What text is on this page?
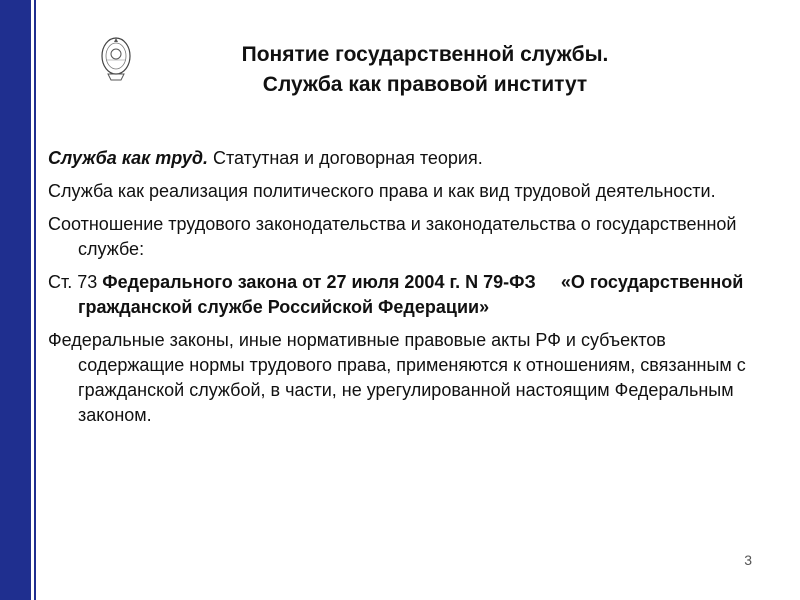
Понятие государственной службы.
Служба как правовой институт

Служба как труд. Статутная и договорная теория.

Служба как реализация политического права и как вид трудовой деятельности.

Соотношение трудового законодательства и законодательства о государственной службе:

Ст. 73 Федерального закона от 27 июля 2004 г. N 79-ФЗ «О государственной гражданской службе Российской Федерации»

Федеральные законы, иные нормативные правовые акты РФ и субъектов содержащие нормы трудового права, применяются к отношениям, связанным с гражданской службой, в части, не урегулированной настоящим Федеральным законом.

3
